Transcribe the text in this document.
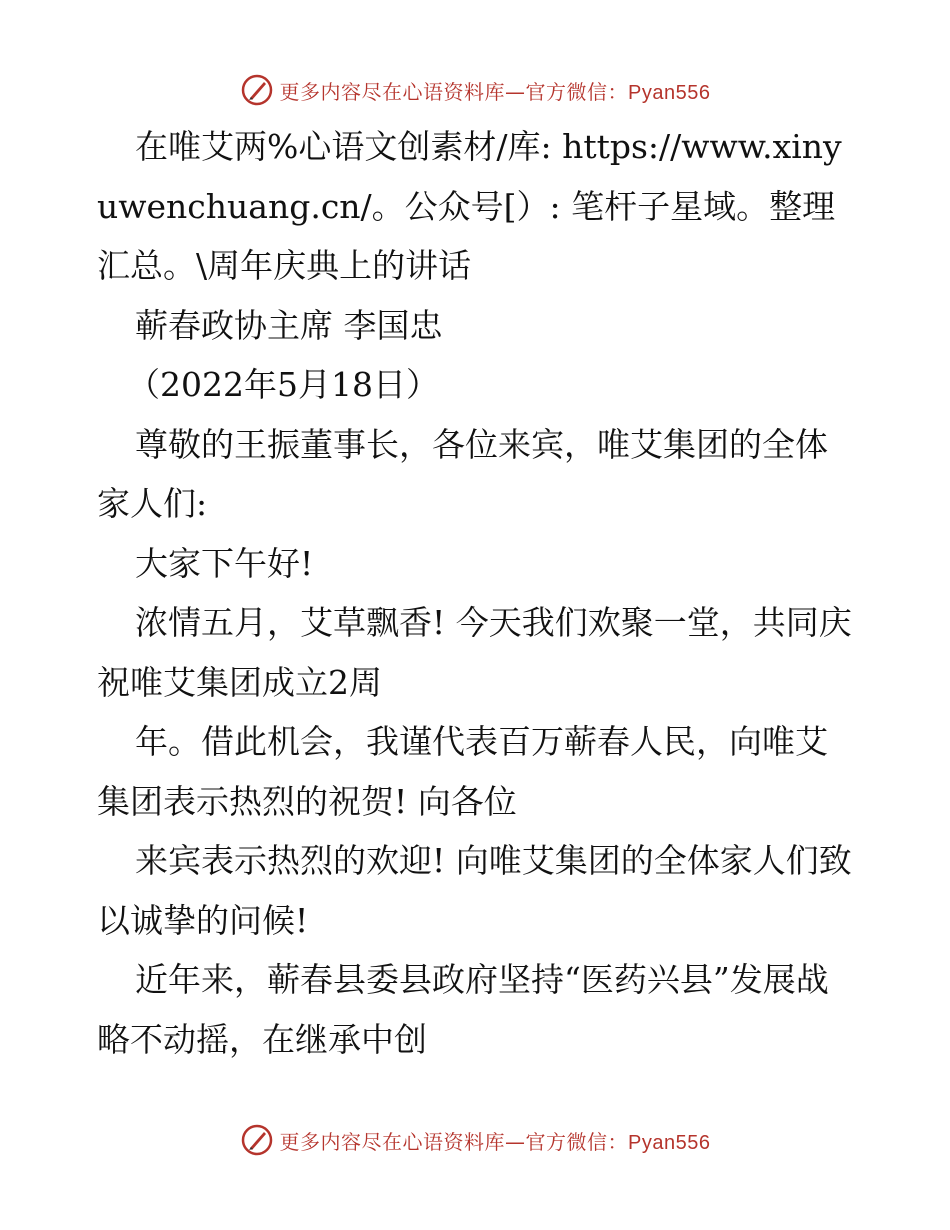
更多内容尽在心语资料库—官方微信：Pyan556

在唯艾两%心语文创素材/库: https://www.xinyuwenchuang.cn/。公众号[）: 笔杆子星域。整理汇总。\周年庆典上的讲话

蕲春政协主席 李国忠

（2022年5月18日）

尊敬的王振董事长，各位来宾，唯艾集团的全体家人们:

大家下午好!

浓情五月，艾草飘香! 今天我们欢聚一堂，共同庆祝唯艾集团成立2周

年。借此机会，我谨代表百万蕲春人民，向唯艾集团表示热烈的祝贺! 向各位

来宾表示热烈的欢迎! 向唯艾集团的全体家人们致以诚挚的问候!

近年来，蕲春县委县政府坚持“医药兴县”发展战略不动摇，在继承中创

更多内容尽在心语资料库—官方微信：Pyan556
